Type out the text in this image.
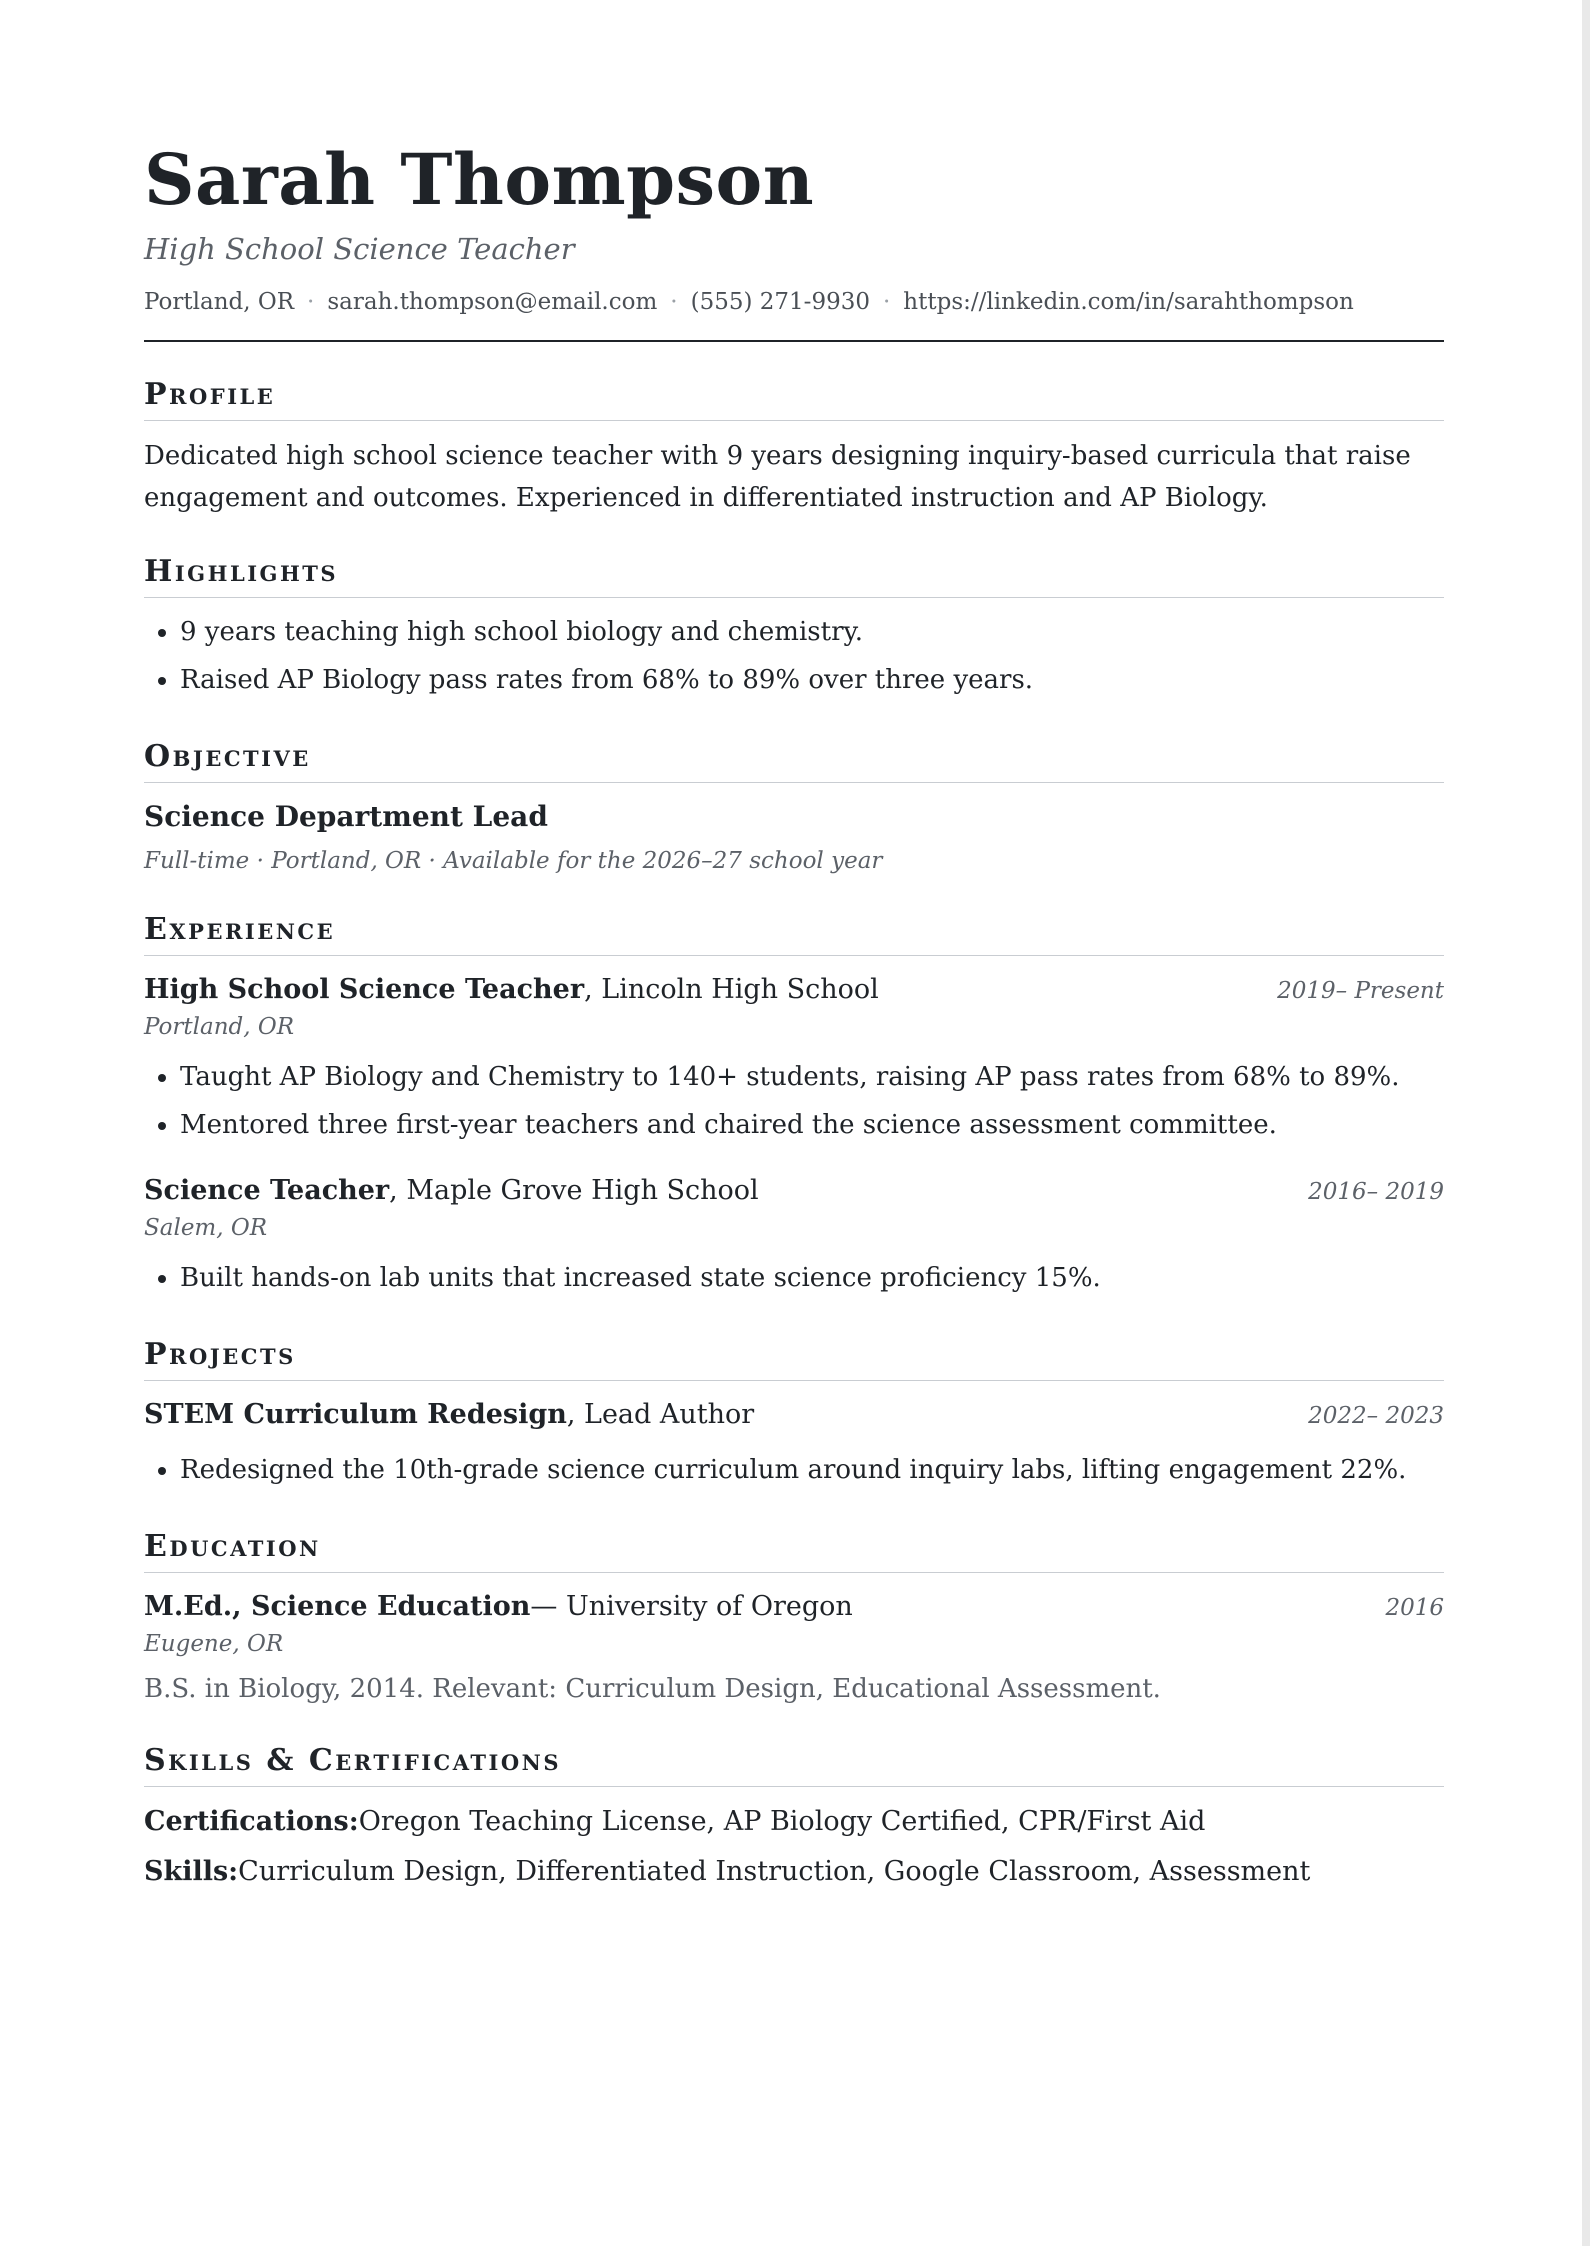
Sarah Thompson
High School Science Teacher
Portland, OR · sarah.thompson@email.com · (555) 271-9930 · https://linkedin.com/in/sarahthompson
Profile
Dedicated high school science teacher with 9 years designing inquiry-based curricula that raise engagement and outcomes. Experienced in differentiated instruction and AP Biology.
Highlights
• 9 years teaching high school biology and chemistry.
• Raised AP Biology pass rates from 68% to 89% over three years.
Objective
Science Department Lead
Full-time · Portland, OR · Available for the 2026–27 school year
Experience
High School Science Teacher, Lincoln High School	2019– Present
Portland, OR
• Taught AP Biology and Chemistry to 140+ students, raising AP pass rates from 68% to 89%.
• Mentored three first-year teachers and chaired the science assessment committee.
Science Teacher, Maple Grove High School	2016– 2019
Salem, OR
• Built hands-on lab units that increased state science proficiency 15%.
Projects
STEM Curriculum Redesign, Lead Author	2022– 2023
• Redesigned the 10th-grade science curriculum around inquiry labs, lifting engagement 22%.
Education
M.Ed., Science Education— University of Oregon	2016
Eugene, OR
B.S. in Biology, 2014. Relevant: Curriculum Design, Educational Assessment.
Skills & Certifications
Certifications:Oregon Teaching License, AP Biology Certified, CPR/First Aid
Skills:Curriculum Design, Differentiated Instruction, Google Classroom, Assessment
